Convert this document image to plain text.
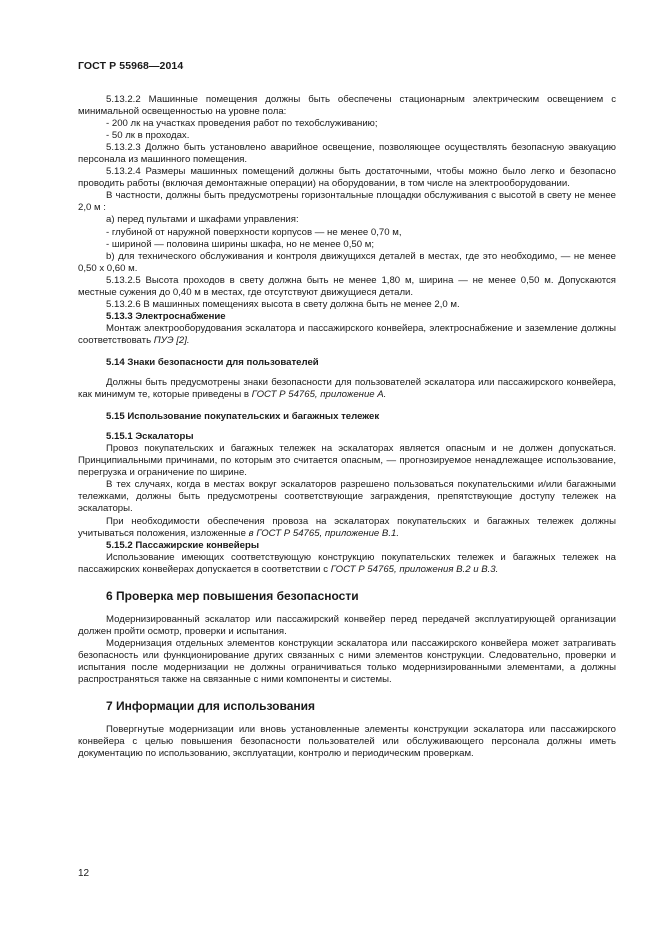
ГОСТ Р 55968—2014

5.13.2.2 Машинные помещения должны быть обеспечены стационарным электрическим освещением с минимальной освещенностью на уровне пола:

- 200 лк на участках проведения работ по техобслуживанию;

- 50 лк в проходах.

5.13.2.3 Должно быть установлено аварийное освещение, позволяющее осуществлять безопасную эвакуацию персонала из машинного помещения.

5.13.2.4 Размеры машинных помещений должны быть достаточными, чтобы можно было легко и безопасно проводить работы (включая демонтажные операции) на оборудовании, в том числе на электрооборудовании.

В частности, должны быть предусмотрены горизонтальные площадки обслуживания с высотой в свету не менее 2,0 м :

а) перед пультами и шкафами управления:

- глубиной от наружной поверхности корпусов — не менее 0,70 м,

- шириной — половина ширины шкафа, но не менее 0,50 м;

b) для технического обслуживания и контроля движущихся деталей в местах, где это необходимо, — не менее 0,50 х 0,60 м.

5.13.2.5 Высота проходов в свету должна быть не менее 1,80 м, ширина — не менее 0,50 м. Допускаются местные сужения до 0,40 м в местах, где отсутствуют движущиеся детали.

5.13.2.6 В машинных помещениях высота в свету должна быть не менее 2,0 м.

5.13.3 Электроснабжение

Монтаж электрооборудования эскалатора и пассажирского конвейера, электроснабжение и заземление должны соответствовать ПУЭ [2].

5.14 Знаки безопасности для пользователей

Должны быть предусмотрены знаки безопасности для пользователей эскалатора или пассажирского конвейера, как минимум те, которые приведены в ГОСТ Р 54765, приложение А.

5.15 Использование покупательских и багажных тележек

5.15.1 Эскалаторы

Провоз покупательских и багажных тележек на эскалаторах является опасным и не должен допускаться. Принципиальными причинами, по которым это считается опасным, — прогнозируемое ненадлежащее использование, перегрузка и ограничение по ширине.

В тех случаях, когда в местах вокруг эскалаторов разрешено пользоваться покупательскими и/или багажными тележками, должны быть предусмотрены соответствующие заграждения, препятствующие доступу тележек на эскалаторы.

При необходимости обеспечения провоза на эскалаторах покупательских и багажных тележек должны учитываться положения, изложенные в ГОСТ Р 54765, приложение В.1.

5.15.2 Пассажирские конвейеры

Использование имеющих соответствующую конструкцию покупательских тележек и багажных тележек на пассажирских конвейерах допускается в соответствии с ГОСТ Р 54765, приложения В.2 и В.3.

6 Проверка мер повышения безопасности

Модернизированный эскалатор или пассажирский конвейер перед передачей эксплуатирующей организации должен пройти осмотр, проверки и испытания.

Модернизация отдельных элементов конструкции эскалатора или пассажирского конвейера может затрагивать безопасность или функционирование других связанных с ними элементов конструкции. Следовательно, проверки и испытания после модернизации не должны ограничиваться только модернизированными элементами, а должны распространяться также на связанные с ними компоненты и системы.

7 Информации для использования

Повергнутые модернизации или вновь установленные элементы конструкции эскалатора или пассажирского конвейера с целью повышения безопасности пользователей или обслуживающего персонала должны иметь документацию по использованию, эксплуатации, контролю и периодическим проверкам.

12
